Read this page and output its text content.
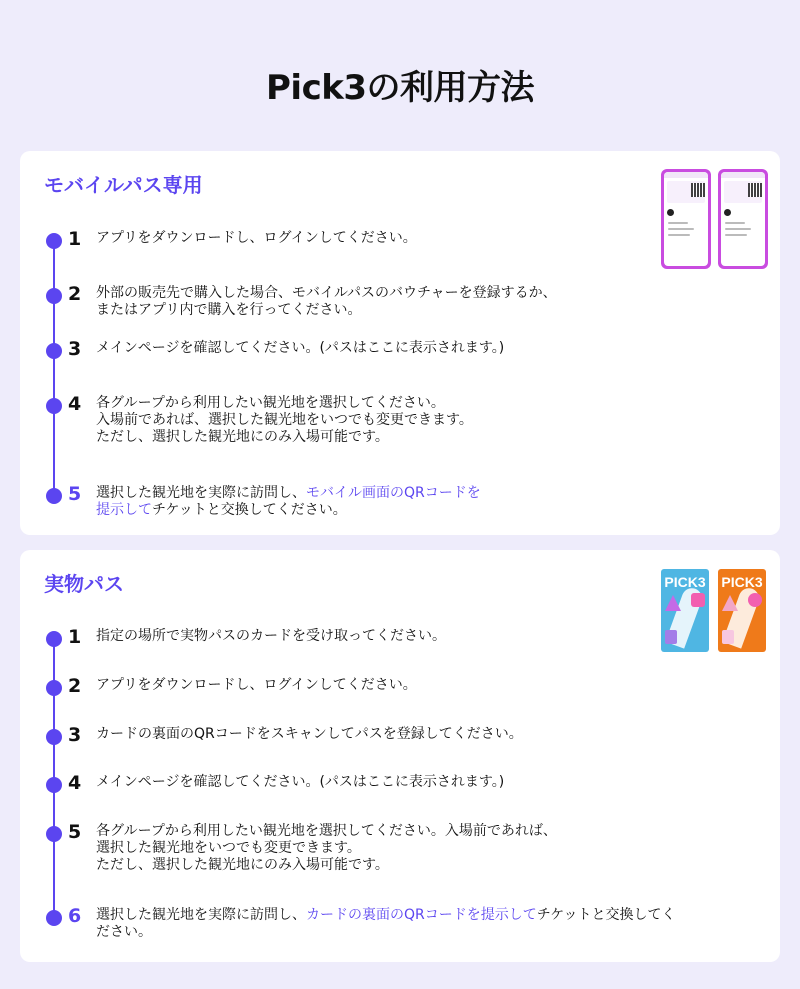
Pick3の利用方法
モバイルパス専用
1 アプリをダウンロードし、ログインしてください。
2 外部の販売先で購入した場合、モバイルパスのバウチャーを登録するか、
またはアプリ内で購入を行ってください。
3 メインページを確認してください。(パスはここに表示されます。)
4 各グループから利用したい観光地を選択してください。
入場前であれば、選択した観光地をいつでも変更できます。
ただし、選択した観光地にのみ入場可能です。
5 選択した観光地を実際に訪問し、モバイル画面のQRコードを
提示してチケットと交換してください。
実物パス	PICK3 PICK3
1 指定の場所で実物パスのカードを受け取ってください。
2 アプリをダウンロードし、ログインしてください。
3 カードの裏面のQRコードをスキャンしてパスを登録してください。
4 メインページを確認してください。(パスはここに表示されます。)
5 各グループから利用したい観光地を選択してください。入場前であれば、
選択した観光地をいつでも変更できます。
ただし、選択した観光地にのみ入場可能です。
6 選択した観光地を実際に訪問し、カードの裏面のQRコードを提示してチケットと交換してく
ださい。
